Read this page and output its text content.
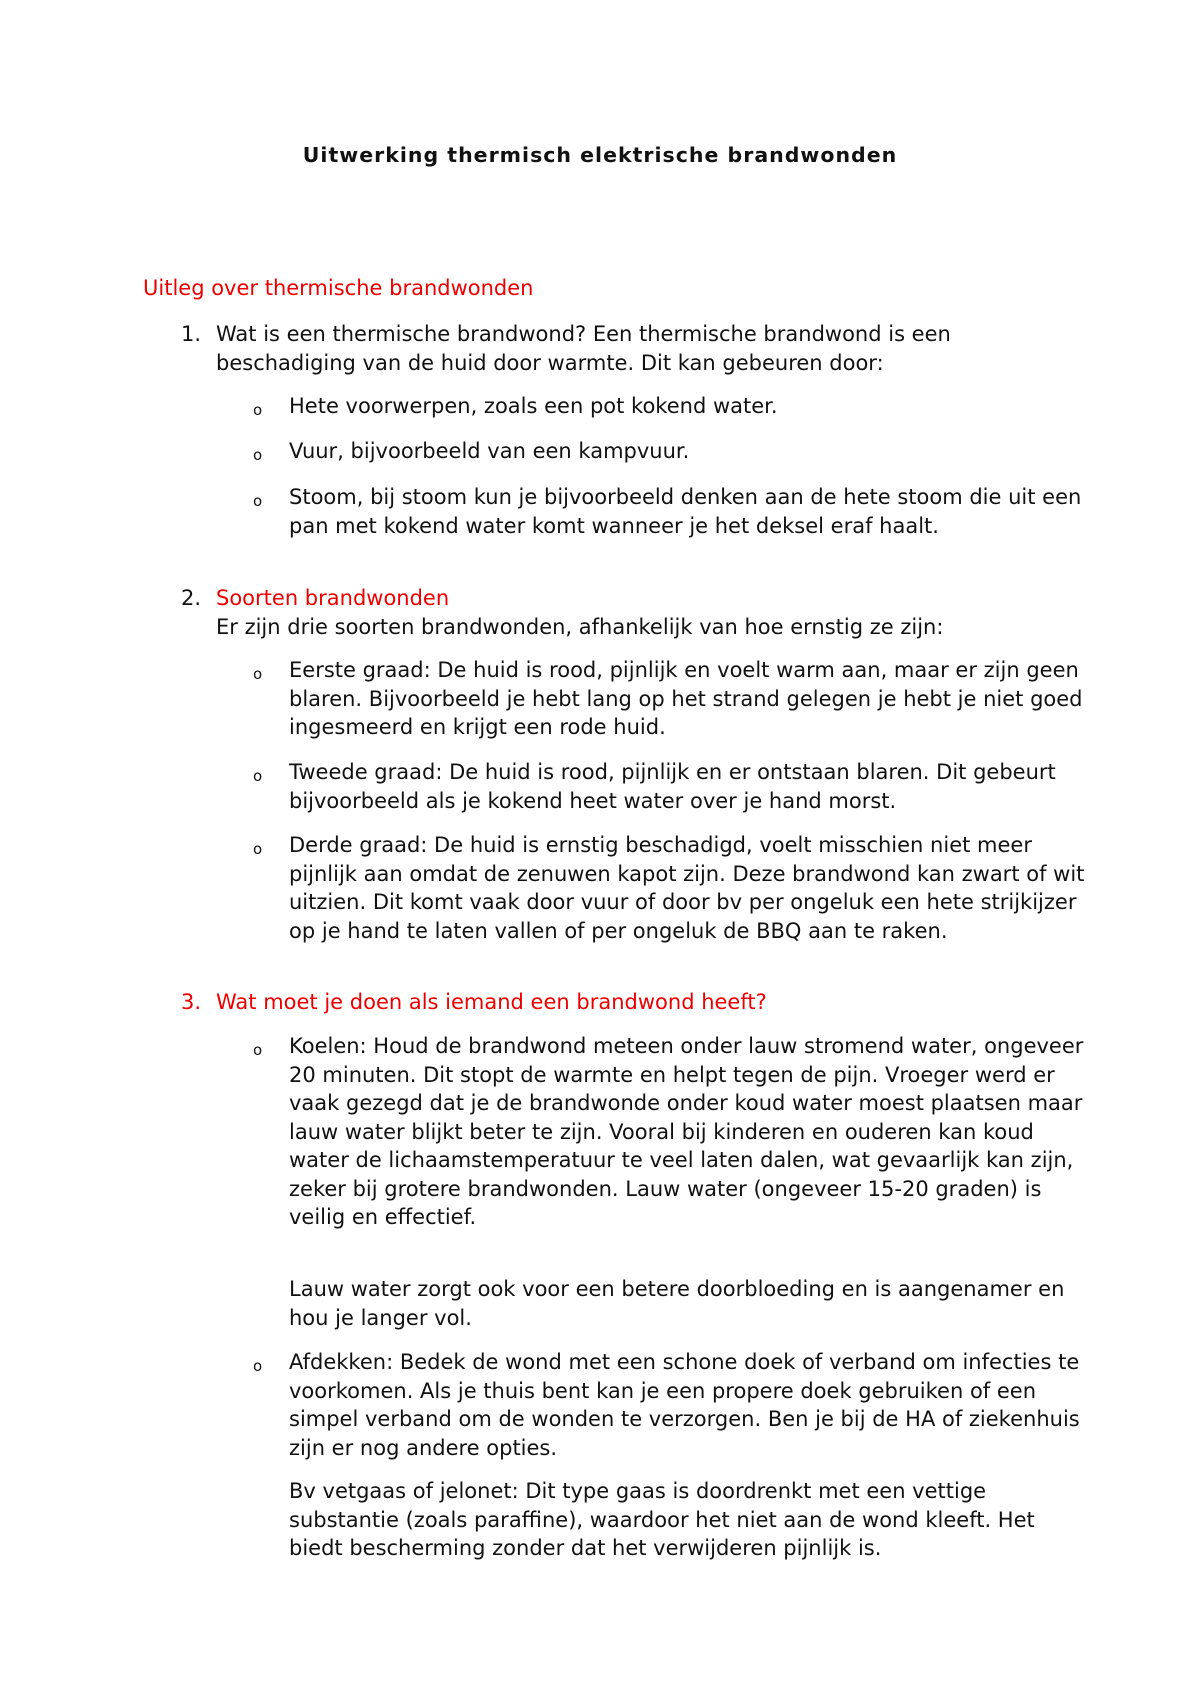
Uitwerking thermisch elektrische brandwonden
Uitleg over thermische brandwonden
1. Wat is een thermische brandwond? Een thermische brandwond is een beschadiging van de huid door warmte. Dit kan gebeuren door:
o Hete voorwerpen, zoals een pot kokend water.
o Vuur, bijvoorbeeld van een kampvuur.
o Stoom, bij stoom kun je bijvoorbeeld denken aan de hete stoom die uit een pan met kokend water komt wanneer je het deksel eraf haalt.
2. Soorten brandwonden
Er zijn drie soorten brandwonden, afhankelijk van hoe ernstig ze zijn:
o Eerste graad: De huid is rood, pijnlijk en voelt warm aan, maar er zijn geen blaren. Bijvoorbeeld je hebt lang op het strand gelegen je hebt je niet goed ingesmeerd en krijgt een rode huid.
o Tweede graad: De huid is rood, pijnlijk en er ontstaan blaren. Dit gebeurt bijvoorbeeld als je kokend heet water over je hand morst.
o Derde graad: De huid is ernstig beschadigd, voelt misschien niet meer pijnlijk aan omdat de zenuwen kapot zijn. Deze brandwond kan zwart of wit uitzien. Dit komt vaak door vuur of door bv per ongeluk een hete strijkijzer op je hand te laten vallen of per ongeluk de BBQ aan te raken.
3. Wat moet je doen als iemand een brandwond heeft?
o Koelen: Houd de brandwond meteen onder lauw stromend water, ongeveer 20 minuten. Dit stopt de warmte en helpt tegen de pijn. Vroeger werd er vaak gezegd dat je de brandwonde onder koud water moest plaatsen maar lauw water blijkt beter te zijn. Vooral bij kinderen en ouderen kan koud water de lichaamstemperatuur te veel laten dalen, wat gevaarlijk kan zijn, zeker bij grotere brandwonden. Lauw water (ongeveer 15-20 graden) is veilig en effectief.
Lauw water zorgt ook voor een betere doorbloeding en is aangenamer en hou je langer vol.
o Afdekken: Bedek de wond met een schone doek of verband om infecties te voorkomen. Als je thuis bent kan je een propere doek gebruiken of een simpel verband om de wonden te verzorgen. Ben je bij de HA of ziekenhuis zijn er nog andere opties.
Bv vetgaas of jelonet: Dit type gaas is doordrenkt met een vettige substantie (zoals paraffine), waardoor het niet aan de wond kleeft. Het biedt bescherming zonder dat het verwijderen pijnlijk is.
